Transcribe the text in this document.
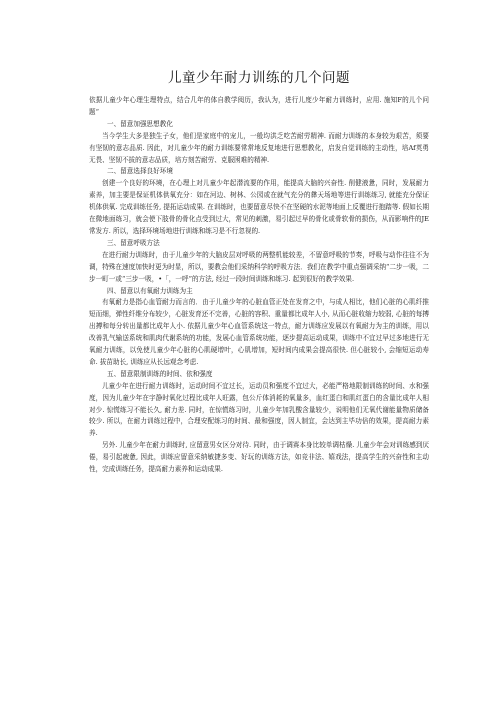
儿童少年耐力训练的几个问题

依据儿童少年心理生理特点，结合几年的体自教学阅历，我认为，进行儿度少年耐力训练时，应用. 施知F的儿个问题“

一、留意加强思想教化

当今学生大多是独生子女，他们是家庭中的宠儿，一般均洪乏吃苦耐劳精神. 而耐力训练的本身较为艰苦，须要有坚韧的意志品质. 因此，对儿童少年的耐力训练要常常地反复地进行思想教化，启发自觉训练的主动性，培Af英勇无畏、坚韧不拔的意志品质，培方刻苦耐劳、克服困难的精神.

二、留意选择良好环境

创建一个良好的环境，在心理上对儿童少年起潜流要的作用，能提高大脑的兴奋性. 削健液惫，同时，发展耐力素养，加主要是保证机体供氧充分：如在河边、树林、公园或在就气充分的彝天场地等进行训练练习, 就能充分保证机体供氧. 完成训练任务, 提拓运动成果. 在训练时，也要留意尽快不在坚硬的水泥等地面上反覆进行抱踏等. 假如长期在微地面练习，就会使下肢骨的骨化点受到过大，常见的刺激，易引起过早的骨化或骨软骨的损伤，从而影响件的JE常发方. 所以，选择环境场地进行训练和练习是不行忽视的.

三、留意呼吸方法

在进行耐力训练时，由于儿童少年的大脑皮层对呼吸的两整机能较差，不留意呼吸的节奏，呼吸与动作往往不为调，特殊在速度加快时更为时显，所以，要教会他们采纳科学的呼吸方法．我们在教学中重点强调采纳“二步一吸，二步一町一或“三步一吸，•「，一呼”的方法, 经过一段时间训练和练习. 起到很好的教学效果.

四、留意以有氧耐力训练为主

有氧耐力是指心血管耐力而言的．由于儿童少年的心脏血管正处在发育之中，与成人相比，他们心脏的心肌纤推短而细，弹性纤维分布较少，心脏发育还不完善，心脏的容积、重量都比成年人小, 从而心脏收缩力较弱, 心脏的每搏出搏和每分转出量都比成年人小. 依据儿童少年心血管系统这一特点，耐力训练应发展以有氧耐力为主的训练，用以改善乳气输送系统和肌肉代谢系统的功能，发展心血管系统功能，逐步提高运动成果，训练中不宜过早过多地进行无氧耐力训练，以免使儿童少年心脏的心肌硬增叶，心肌增加，短时间内成果会提高很快. 但心脏较小, 会缩短运动寿命. 拔苗助长, 训练应从长远观念考虑.

五、留意限制训练的时间、依和强度

儿童少年在进行耐力训练时，运动时间不宜过长，运动员和强度不宜过大，必能严格地限制训练的时间、水和强度，因为儿童少年在宇静时氧化过程比成年人旺露，包公斤体消耗的氧量多，血红蛋白和肌红蛋白的含量比成年人相对少. 惊慌练习不能长久, 耐力差. 同时，在惊慌练习时，儿童少年加乳酸含量较少，说明他们无氧代谢能量物质储备较少. 所以，在耐力训练过程中，合理安配练习的时间、最和强度，因人制宜，会达到主毕功倍的效果，提高耐力素养.

另外. 儿童少年在耐力训练时, 应留意男女区分对待. 同时，由于调赛本身比较单调枯燥. 儿童少年会对训练感到厌倦，易引起疲惫, 因此，训练应留意采纳敏捷多变、好玩的训练方法，如竞非法、嬉戏法，提高学生的兴奋性和主动性，完成训练任务，提高耐力素养和运动成果.
